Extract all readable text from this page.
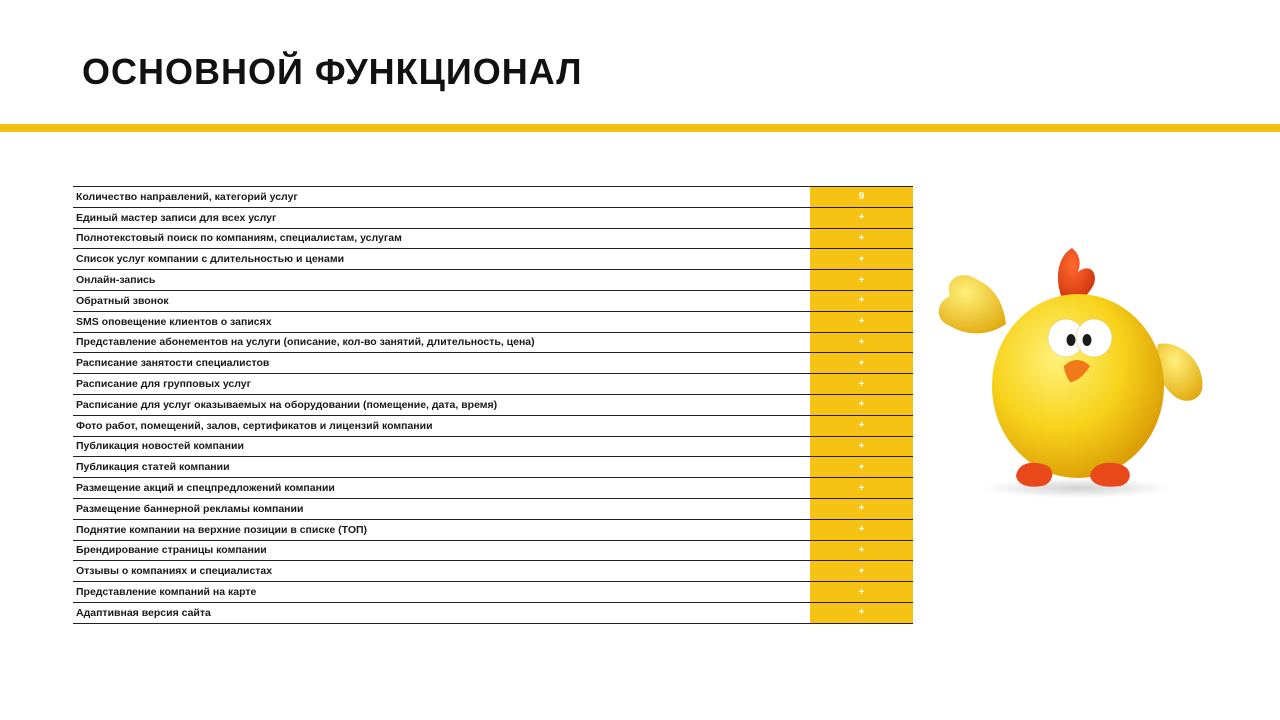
ОСНОВНОЙ ФУНКЦИОНАЛ
Количество направлений, категорий услуг	9
Единый мастер записи для всех услуг	+
Полнотекстовый поиск по компаниям, специалистам, услугам	+
Список услуг компании с длительностью и ценами	+
Онлайн-запись	+
Обратный звонок	+
SMS оповещение клиентов о записях	+
Представление абонементов на услуги (описание, кол-во занятий, длительность, цена)	+
Расписание занятости специалистов	+
Расписание для групповых услуг	+
Расписание для услуг оказываемых на оборудовании (помещение, дата, время)	+
Фото работ, помещений, залов, сертификатов и лицензий компании	+
Публикация новостей компании	+
Публикация статей компании	+
Размещение акций и спецпредложений компании	+
Размещение баннерной рекламы компании	+
Поднятие компании на верхние позиции в списке (ТОП)	+
Брендирование страницы компании	+
Отзывы о компаниях и специалистах	+
Представление компаний на карте	+
Адаптивная версия сайта	+
